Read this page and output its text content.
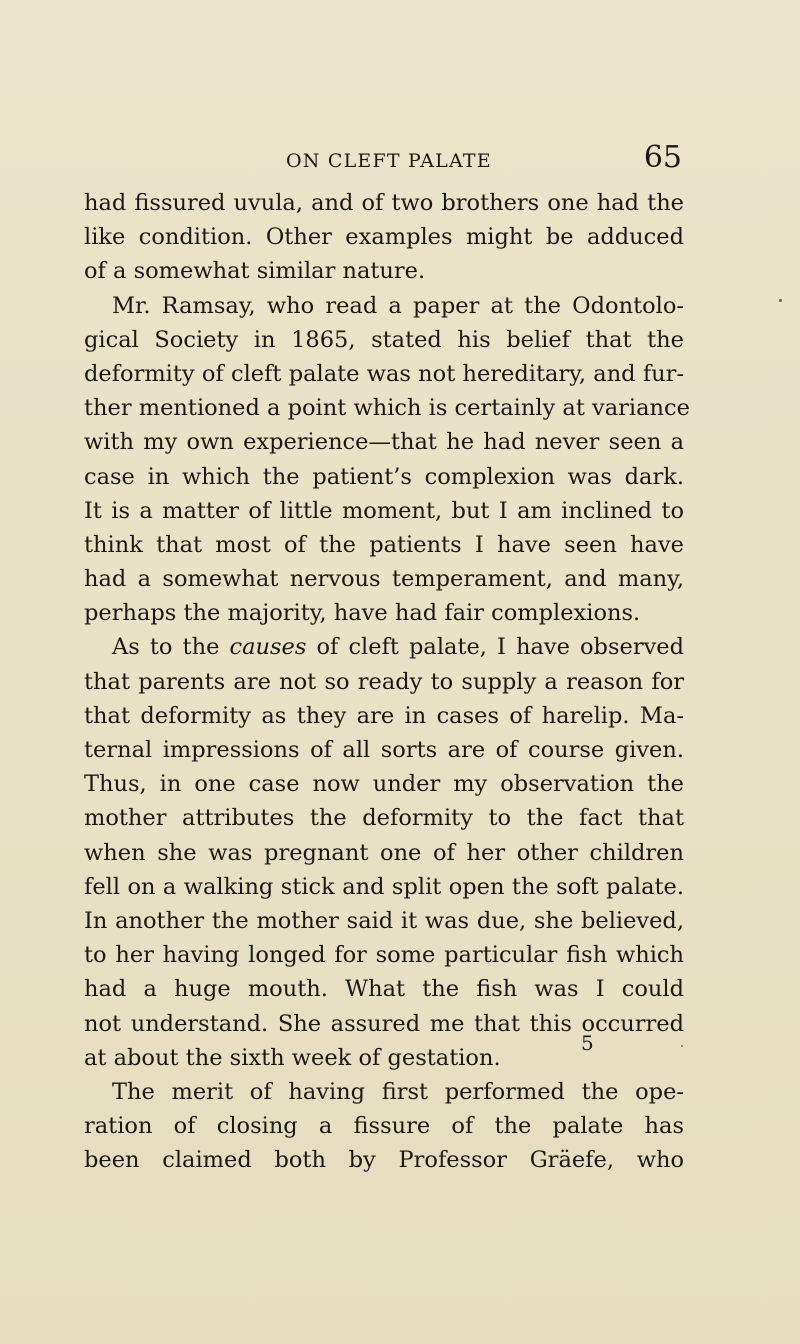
ON CLEFT PALATE	65
had fissured uvula, and of two brothers one had the
like condition. Other examples might be adduced
of a somewhat similar nature.
Mr. Ramsay, who read a paper at the Odontolo-
gical Society in 1865, stated his belief that the
deformity of cleft palate was not hereditary, and fur-
ther mentioned a point which is certainly at variance
with my own experience—that he had never seen a
case in which the patient’s complexion was dark.
It is a matter of little moment, but I am inclined to
think that most of the patients I have seen have
had a somewhat nervous temperament, and many,
perhaps the majority, have had fair complexions.
As to the causes of cleft palate, I have observed
that parents are not so ready to supply a reason for
that deformity as they are in cases of harelip. Ma-
ternal impressions of all sorts are of course given.
Thus, in one case now under my observation the
mother attributes the deformity to the fact that
when she was pregnant one of her other children
fell on a walking stick and split open the soft palate.
In another the mother said it was due, she believed,
to her having longed for some particular fish which
had a huge mouth. What the fish was I could
not understand. She assured me that this occurred
at about the sixth week of gestation.
The merit of having first performed the ope-
ration of closing a fissure of the palate has
been claimed both by Professor Gräefe, who
5
